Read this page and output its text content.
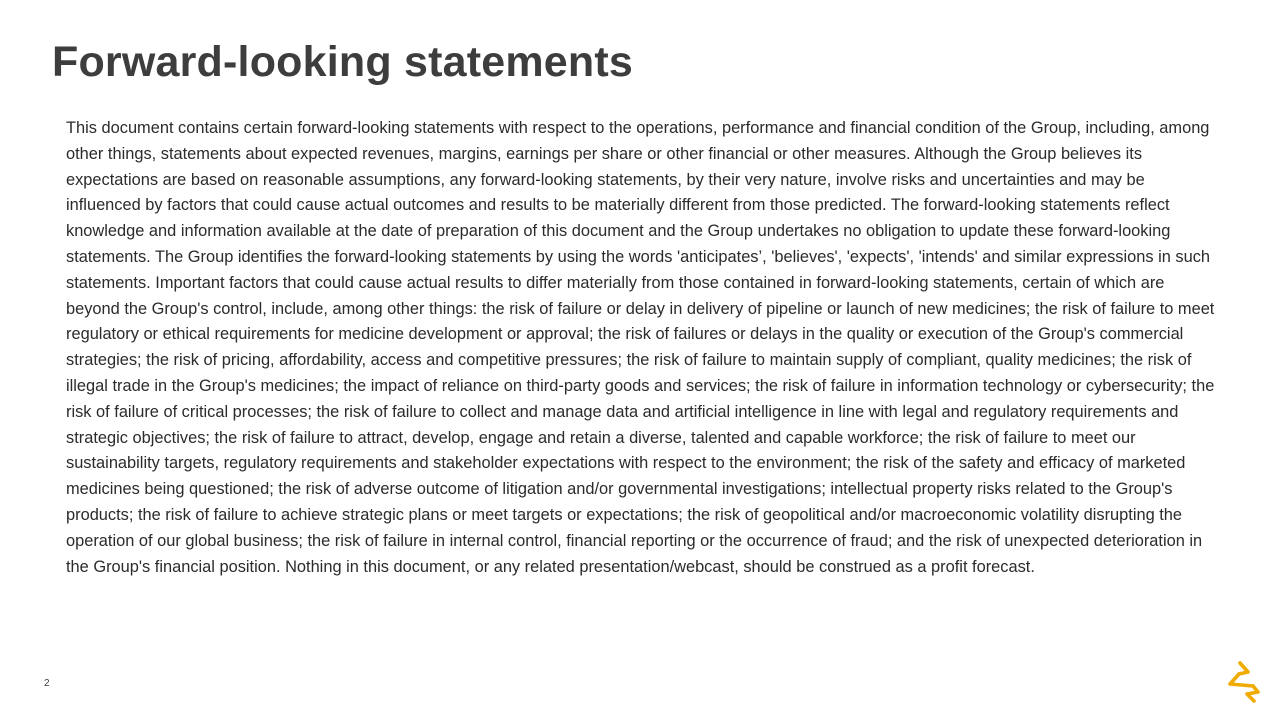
Forward-looking statements

This document contains certain forward-looking statements with respect to the operations, performance and financial condition of the Group, including, among other things, statements about expected revenues, margins, earnings per share or other financial or other measures. Although the Group believes its expectations are based on reasonable assumptions, any forward-looking statements, by their very nature, involve risks and uncertainties and may be influenced by factors that could cause actual outcomes and results to be materially different from those predicted. The forward-looking statements reflect knowledge and information available at the date of preparation of this document and the Group undertakes no obligation to update these forward-looking statements. The Group identifies the forward-looking statements by using the words 'anticipates’, 'believes', 'expects', 'intends' and similar expressions in such statements. Important factors that could cause actual results to differ materially from those contained in forward-looking statements, certain of which are beyond the Group's control, include, among other things: the risk of failure or delay in delivery of pipeline or launch of new medicines; the risk of failure to meet regulatory or ethical requirements for medicine development or approval; the risk of failures or delays in the quality or execution of the Group's commercial strategies; the risk of pricing, affordability, access and competitive pressures; the risk of failure to maintain supply of compliant, quality medicines; the risk of illegal trade in the Group's medicines; the impact of reliance on third-party goods and services; the risk of failure in information technology or cybersecurity; the risk of failure of critical processes; the risk of failure to collect and manage data and artificial intelligence in line with legal and regulatory requirements and strategic objectives; the risk of failure to attract, develop, engage and retain a diverse, talented and capable workforce; the risk of failure to meet our sustainability targets, regulatory requirements and stakeholder expectations with respect to the environment; the risk of the safety and efficacy of marketed medicines being questioned; the risk of adverse outcome of litigation and/or governmental investigations; intellectual property risks related to the Group's products; the risk of failure to achieve strategic plans or meet targets or expectations; the risk of geopolitical and/or macroeconomic volatility disrupting the operation of our global business; the risk of failure in internal control, financial reporting or the occurrence of fraud; and the risk of unexpected deterioration in the Group's financial position. Nothing in this document, or any related presentation/webcast, should be construed as a profit forecast.

2
